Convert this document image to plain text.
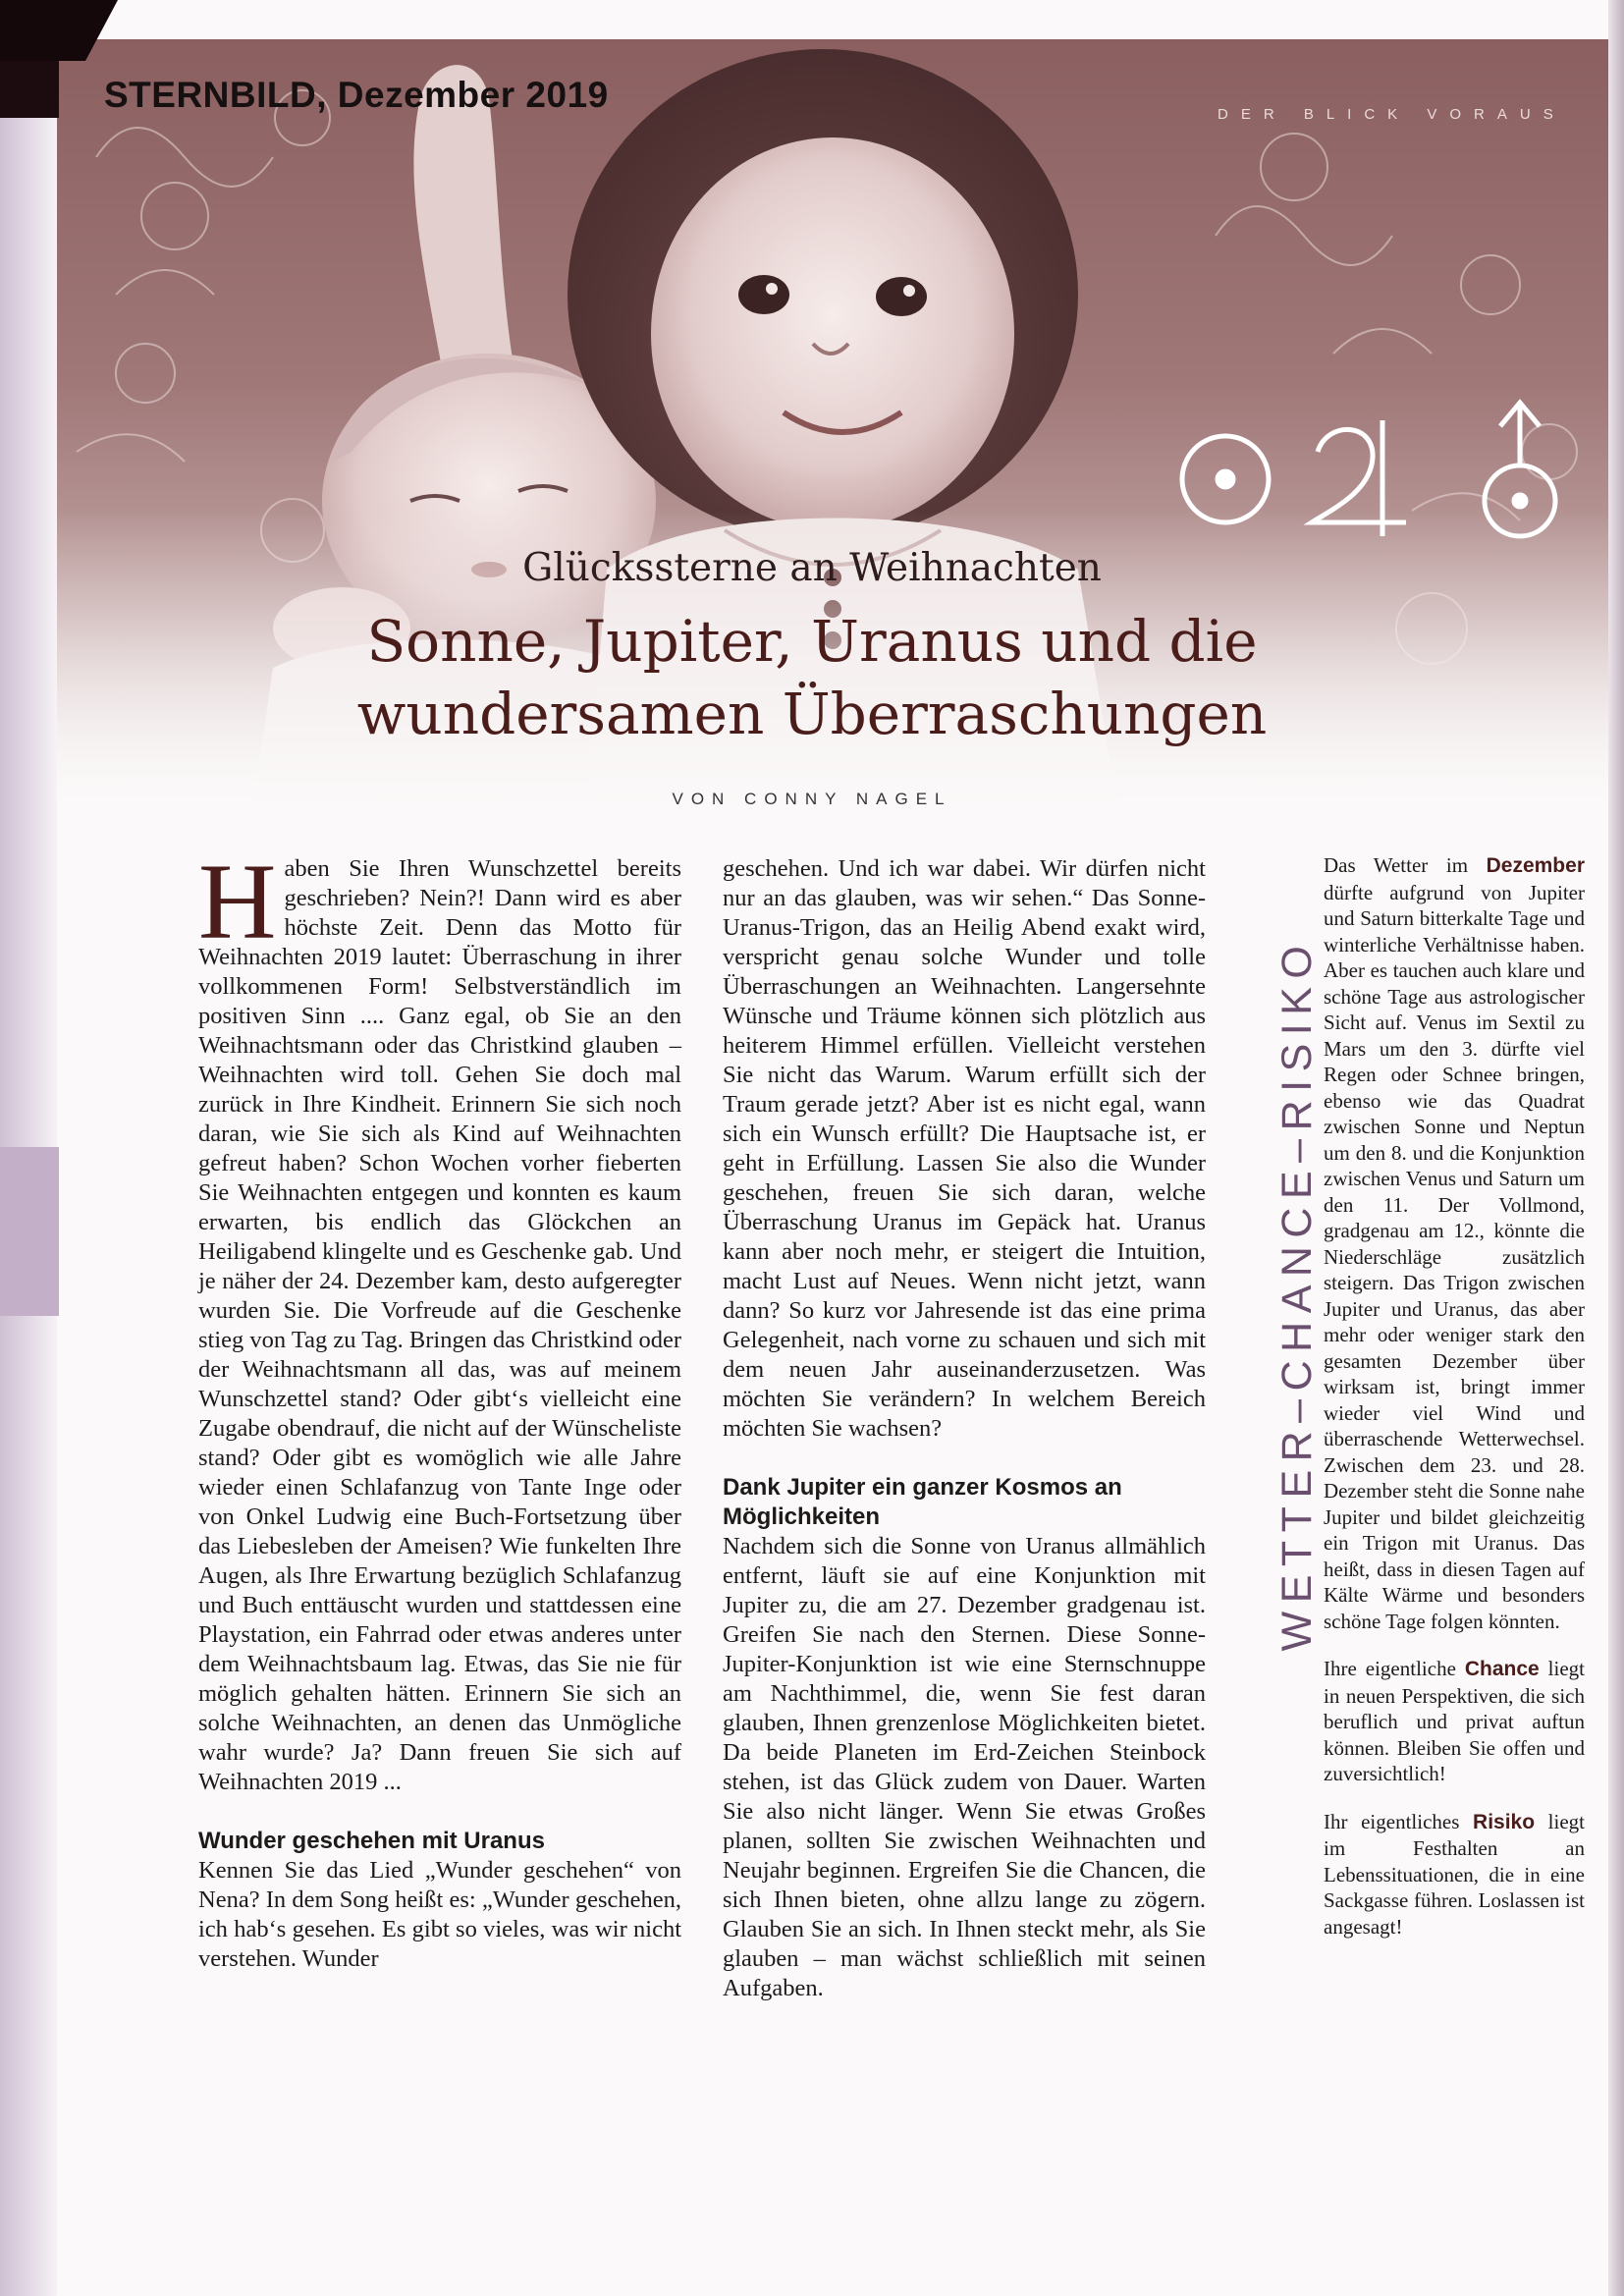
STERNBILD, Dezember 2019	DER BLICK VORAUS
Glückssterne an Weihnachten
Sonne, Jupiter, Uranus und die
wundersamen Überraschungen
VON CONNY NAGEL

Haben Sie Ihren Wunschzettel bereits geschrieben? Nein?! Dann wird es aber höchste Zeit. Denn das Motto für Weihnachten 2019 lautet: Überraschung in ihrer vollkommenen Form! Selbstverständlich im positiven Sinn .... Ganz egal, ob Sie an den Weihnachtsmann oder das Christkind glauben – Weihnachten wird toll. Gehen Sie doch mal zurück in Ihre Kindheit. Erinnern Sie sich noch daran, wie Sie sich als Kind auf Weihnachten gefreut haben? Schon Wochen vorher fieberten Sie Weihnachten entgegen und konnten es kaum erwarten, bis endlich das Glöckchen an Heiligabend klingelte und es Geschenke gab. Und je näher der 24. Dezember kam, desto aufgeregter wurden Sie. Die Vorfreude auf die Geschenke stieg von Tag zu Tag. Bringen das Christkind oder der Weihnachtsmann all das, was auf meinem Wunschzettel stand? Oder gibt‘s vielleicht eine Zugabe obendrauf, die nicht auf der Wünscheliste stand? Oder gibt es womöglich wie alle Jahre wieder einen Schlafanzug von Tante Inge oder von Onkel Ludwig eine Buch-Fortsetzung über das Liebesleben der Ameisen? Wie funkelten Ihre Augen, als Ihre Erwartung bezüglich Schlafanzug und Buch enttäuscht wurden und stattdessen eine Playstation, ein Fahrrad oder etwas anderes unter dem Weihnachtsbaum lag. Etwas, das Sie nie für möglich gehalten hätten. Erinnern Sie sich an solche Weihnachten, an denen das Unmögliche wahr wurde? Ja? Dann freuen Sie sich auf Weihnachten 2019 ...

Wunder geschehen mit Uranus

Kennen Sie das Lied „Wunder geschehen“ von Nena? In dem Song heißt es: „Wunder geschehen, ich hab‘s gesehen. Es gibt so vieles, was wir nicht verstehen. Wunder

geschehen. Und ich war dabei. Wir dürfen nicht nur an das glauben, was wir sehen.“ Das Sonne-Uranus-Trigon, das an Heilig Abend exakt wird, verspricht genau solche Wunder und tolle Überraschungen an Weihnachten. Langersehnte Wünsche und Träume können sich plötzlich aus heiterem Himmel erfüllen. Vielleicht verstehen Sie nicht das Warum. Warum erfüllt sich der Traum gerade jetzt? Aber ist es nicht egal, wann sich ein Wunsch erfüllt? Die Hauptsache ist, er geht in Erfüllung. Lassen Sie also die Wunder geschehen, freuen Sie sich daran, welche Überraschung Uranus im Gepäck hat. Uranus kann aber noch mehr, er steigert die Intuition, macht Lust auf Neues. Wenn nicht jetzt, wann dann? So kurz vor Jahresende ist das eine prima Gelegenheit, nach vorne zu schauen und sich mit dem neuen Jahr auseinanderzusetzen. Was möchten Sie verändern? In welchem Bereich möchten Sie wachsen?

Dank Jupiter ein ganzer Kosmos an Möglichkeiten

Nachdem sich die Sonne von Uranus allmählich entfernt, läuft sie auf eine Konjunktion mit Jupiter zu, die am 27. Dezember gradgenau ist. Greifen Sie nach den Sternen. Diese Sonne-Jupiter-Konjunktion ist wie eine Sternschnuppe am Nachthimmel, die, wenn Sie fest daran glauben, Ihnen grenzenlose Möglichkeiten bietet. Da beide Planeten im Erd-Zeichen Steinbock stehen, ist das Glück zudem von Dauer. Warten Sie also nicht länger. Wenn Sie etwas Großes planen, sollten Sie zwischen Weihnachten und Neujahr beginnen. Ergreifen Sie die Chancen, die sich Ihnen bieten, ohne allzu lange zu zögern. Glauben Sie an sich. In Ihnen steckt mehr, als Sie glauben – man wächst schließlich mit seinen Aufgaben.

WETTER–CHANCE–RISIKO

Das Wetter im Dezember dürfte aufgrund von Jupiter und Saturn bitterkalte Tage und winterliche Verhältnisse haben. Aber es tauchen auch klare und schöne Tage aus astrologischer Sicht auf. Venus im Sextil zu Mars um den 3. dürfte viel Regen oder Schnee bringen, ebenso wie das Quadrat zwischen Sonne und Neptun um den 8. und die Konjunktion zwischen Venus und Saturn um den 11. Der Vollmond, gradgenau am 12., könnte die Niederschläge zusätzlich steigern. Das Trigon zwischen Jupiter und Uranus, das aber mehr oder weniger stark den gesamten Dezember über wirksam ist, bringt immer wieder viel Wind und überraschende Wetterwechsel. Zwischen dem 23. und 28. Dezember steht die Sonne nahe Jupiter und bildet gleichzeitig ein Trigon mit Uranus. Das heißt, dass in diesen Tagen auf Kälte Wärme und besonders schöne Tage folgen könnten.

Ihre eigentliche Chance liegt in neuen Perspektiven, die sich beruflich und privat auftun können. Bleiben Sie offen und zuversichtlich!

Ihr eigentliches Risiko liegt im Festhalten an Lebenssituationen, die in eine Sackgasse führen. Loslassen ist angesagt!
